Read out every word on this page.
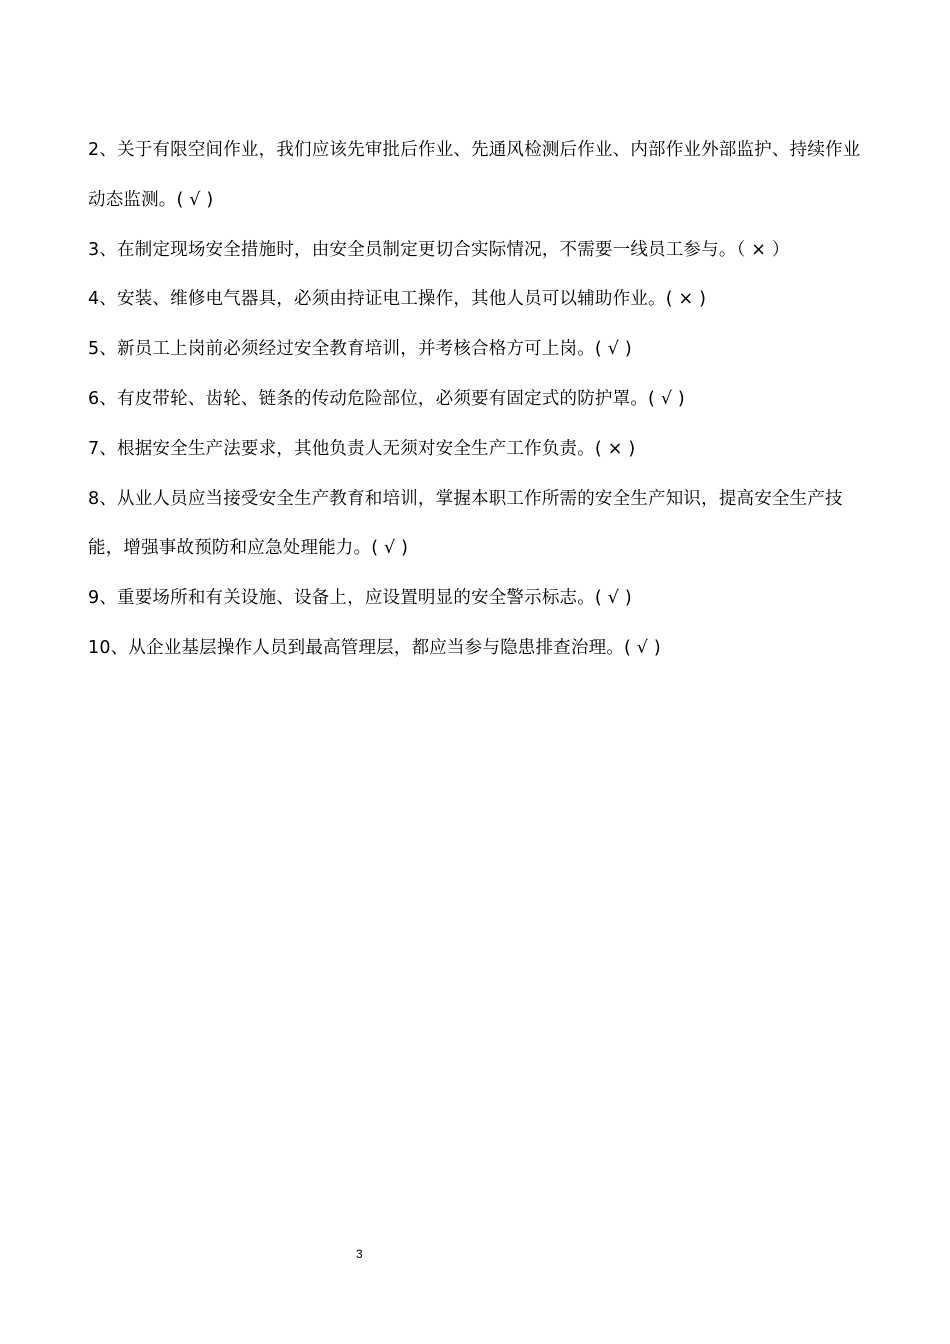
2、关于有限空间作业，我们应该先审批后作业、先通风检测后作业、内部作业外部监护、持续作业动态监测。( √ )
3、在制定现场安全措施时，由安全员制定更切合实际情况，不需要一线员工参与。（ × ）
4、安装、维修电气器具，必须由持证电工操作，其他人员可以辅助作业。( × )
5、新员工上岗前必须经过安全教育培训，并考核合格方可上岗。( √ )
6、有皮带轮、齿轮、链条的传动危险部位，必须要有固定式的防护罩。( √ )
7、根据安全生产法要求，其他负责人无须对安全生产工作负责。( × )
8、从业人员应当接受安全生产教育和培训，掌握本职工作所需的安全生产知识，提高安全生产技能，增强事故预防和应急处理能力。( √ )
9、重要场所和有关设施、设备上，应设置明显的安全警示标志。( √ )
10、从企业基层操作人员到最高管理层，都应当参与隐患排查治理。( √ )
3
